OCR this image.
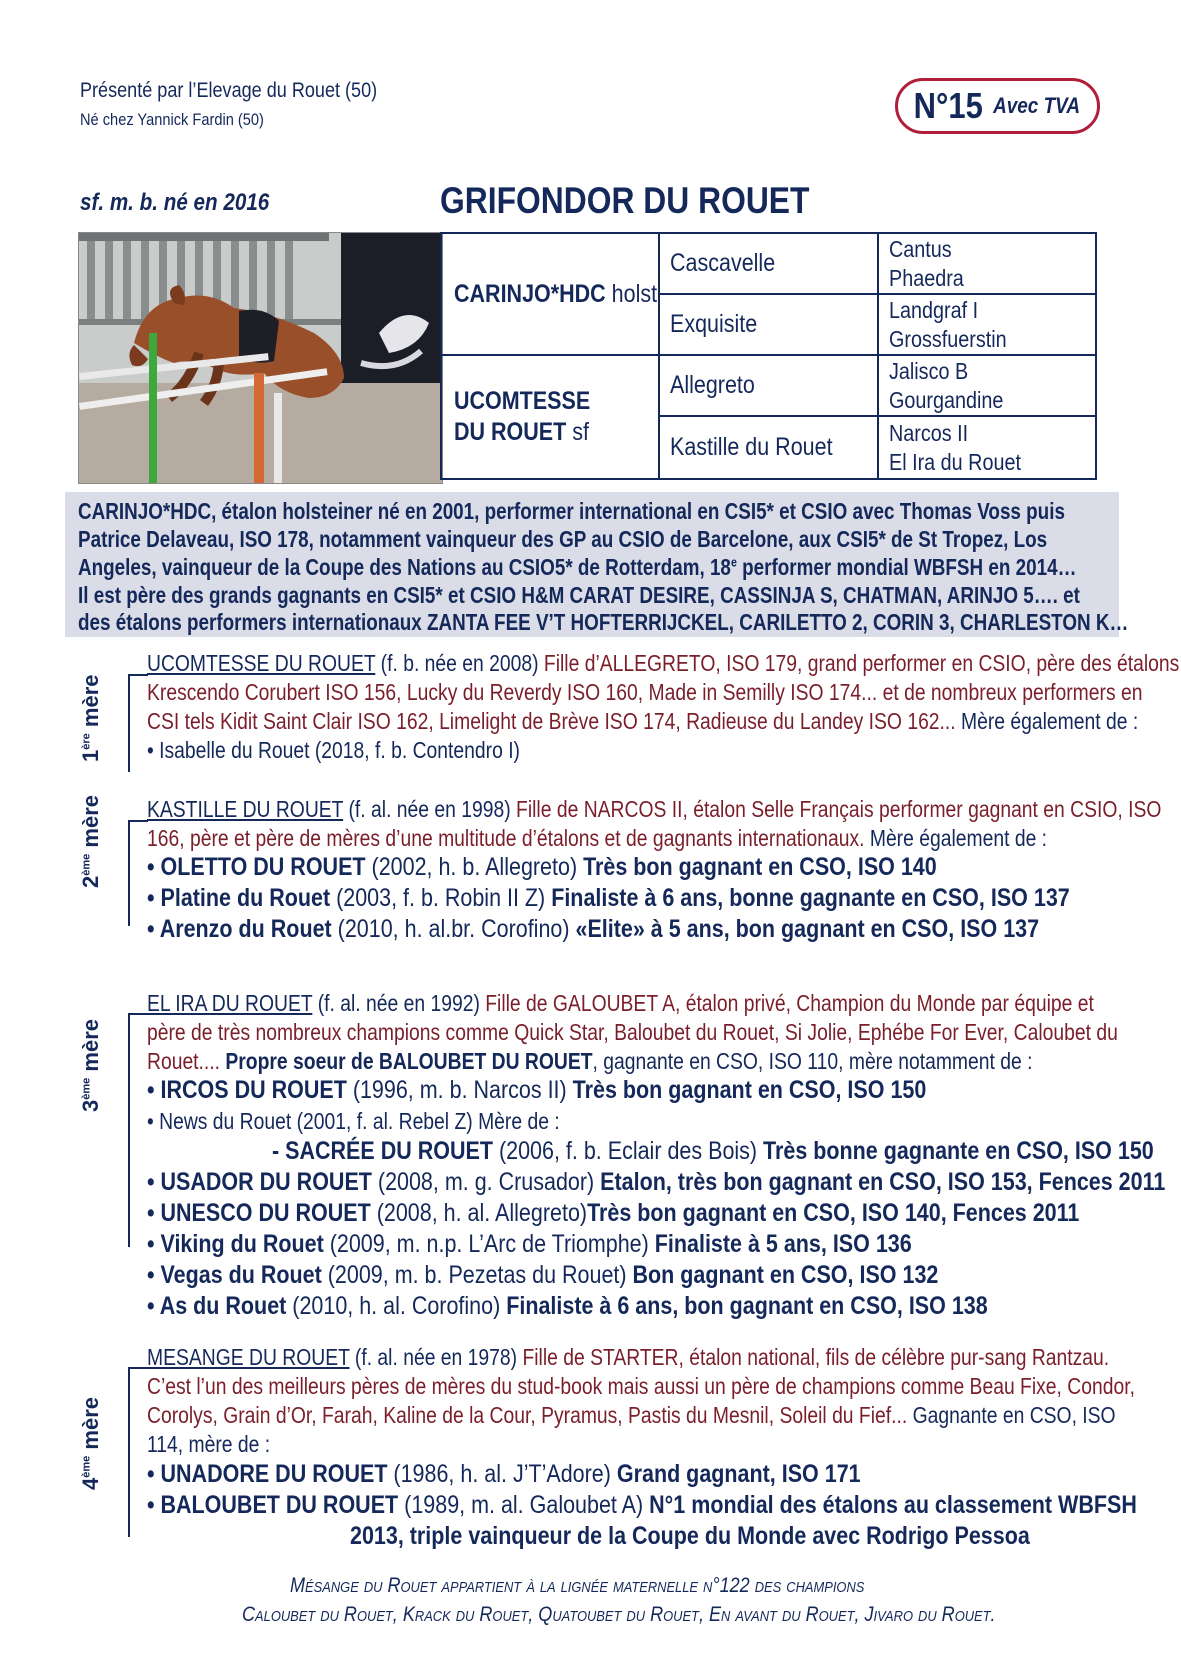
Présenté par l’Elevage du Rouet (50)
Né chez Yannick Fardin (50)	N°15 Avec TVA
sf. m. b. né en 2016	GRIFONDOR DU ROUET
CARINJO*HDC holst
UCOMTESSE
DU ROUET sf
Cascavelle
Exquisite
Allegreto
Kastille du Rouet
Cantus
Phaedra
Landgraf I
Grossfuerstin
Jalisco B
Gourgandine
Narcos II
El Ira du Rouet

CARINJO*HDC, étalon holsteiner né en 2001, performer international en CSI5* et CSIO avec Thomas Voss puis

Patrice Delaveau, ISO 178, notamment vainqueur des GP au CSIO de Barcelone, aux CSI5* de St Tropez, Los

Angeles, vainqueur de la Coupe des Nations au CSIO5* de Rotterdam, 18e performer mondial WBFSH en 2014…

Il est père des grands gagnants en CSI5* et CSIO H&M CARAT DESIRE, CASSINJA S, CHATMAN, ARINJO 5…. et

des étalons performers internationaux ZANTA FEE V’T HOFTERRIJCKEL, CARILETTO 2, CORIN 3, CHARLESTON K…

1ère mère
UCOMTESSE DU ROUET (f. b. née en 2008) Fille d’ALLEGRETO, ISO 179, grand performer en CSIO, père des étalons
Krescendo Corubert ISO 156, Lucky du Reverdy ISO 160, Made in Semilly ISO 174... et de nombreux performers en
CSI tels Kidit Saint Clair ISO 162, Limelight de Brève ISO 174, Radieuse du Landey ISO 162... Mère également de :
• Isabelle du Rouet (2018, f. b. Contendro I)
2ème mère KASTILLE DU ROUET (f. al. née en 1998) Fille de NARCOS II, étalon Selle Français performer gagnant en CSIO, ISO
166, père et père de mères d’une multitude d’étalons et de gagnants internationaux. Mère également de :
• OLETTO DU ROUET (2002, h. b. Allegreto) Très bon gagnant en CSO, ISO 140
• Platine du Rouet (2003, f. b. Robin II Z) Finaliste à 6 ans, bonne gagnante en CSO, ISO 137
• Arenzo du Rouet (2010, h. al.br. Corofino) «Elite» à 5 ans, bon gagnant en CSO, ISO 137
3ème mère
EL IRA DU ROUET (f. al. née en 1992) Fille de GALOUBET A, étalon privé, Champion du Monde par équipe et
père de très nombreux champions comme Quick Star, Baloubet du Rouet, Si Jolie, Ephébe For Ever, Caloubet du
Rouet.... Propre soeur de BALOUBET DU ROUET, gagnante en CSO, ISO 110, mère notamment de :
• IRCOS DU ROUET (1996, m. b. Narcos II) Très bon gagnant en CSO, ISO 150
• News du Rouet (2001, f. al. Rebel Z) Mère de :
- SACRÉE DU ROUET (2006, f. b. Eclair des Bois) Très bonne gagnante en CSO, ISO 150
• USADOR DU ROUET (2008, m. g. Crusador) Etalon, très bon gagnant en CSO, ISO 153, Fences 2011
• UNESCO DU ROUET (2008, h. al. Allegreto)Très bon gagnant en CSO, ISO 140, Fences 2011
• Viking du Rouet (2009, m. n.p. L’Arc de Triomphe) Finaliste à 5 ans, ISO 136
• Vegas du Rouet (2009, m. b. Pezetas du Rouet) Bon gagnant en CSO, ISO 132
• As du Rouet (2010, h. al. Corofino) Finaliste à 6 ans, bon gagnant en CSO, ISO 138
4ème mère
MESANGE DU ROUET (f. al. née en 1978) Fille de STARTER, étalon national, fils de célèbre pur-sang Rantzau.
C’est l’un des meilleurs pères de mères du stud-book mais aussi un père de champions comme Beau Fixe, Condor,
Corolys, Grain d’Or, Farah, Kaline de la Cour, Pyramus, Pastis du Mesnil, Soleil du Fief... Gagnante en CSO, ISO
114, mère de :
• UNADORE DU ROUET (1986, h. al. J’T’Adore) Grand gagnant, ISO 171
• BALOUBET DU ROUET (1989, m. al. Galoubet A) N°1 mondial des étalons au classement WBFSH
2013, triple vainqueur de la Coupe du Monde avec Rodrigo Pessoa
Mésange du Rouet appartient à la lignée maternelle n°122 des champions
Caloubet du Rouet, Krack du Rouet, Quatoubet du Rouet, En avant du Rouet, Jivaro du Rouet.
